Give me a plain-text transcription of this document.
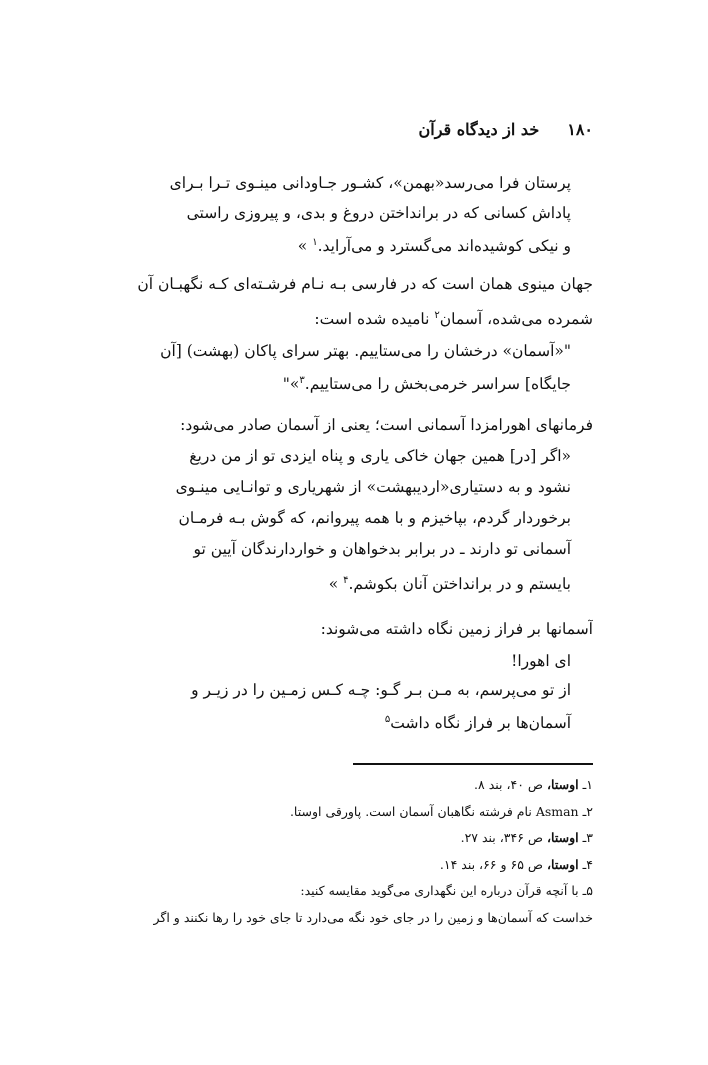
۱۸۰
خد از دیدگاه قرآن
پرستان فرا می‌رسد«بهمن»، کشـور جـاودانی مینـوی تـرا بـرای
پاداش کسانی که در برانداختن دروغ و بدی، و پیروزی راستی
و نیکی کوشیده‌اند می‌گسترد و می‌آراید.$^۱$ »
جهان مینوی همان است که در فارسی بـه نـام فرشـته‌ای کـه نگهبـان آن
شمرده می‌شده، آسمان$^۲$ نامیده شده است:
"«آسمان» درخشان را می‌ستاییم. بهتر سرای پاکان (بهشت) [آن
جایگاه] سراسر خرمی‌بخش را می‌ستاییم.$^۳$»"
فرمانهای اهورامزدا آسمانی است؛ یعنی از آسمان صادر می‌شود:
«اگر [در] همین جهان خاکی یاری و پناه ایزدی تو از من دریغ
نشود و به دستیاری«اردیبهشت» از شهریاری و توانـایی مینـوی
برخوردار گردم، بپاخیزم و با همه پیروانم، که گوش بـه فرمـان
آسمانی تو دارند ـ در برابر بدخواهان و خواردارندگان آیین تو
بایستم و در برانداختن آنان بکوشم.$^۴$ »
آسمانها بر فراز زمین نگاه داشته می‌شوند:
ای اهورا!
از تو می‌پرسم، به مـن بـر گـو: چـه کـس زمـین را در زیـر و
آسمان‌ها بر فراز نگاه داشت$^۵$
۱ـ اوستا، ص ۴۰، بند ۸.
۲ـ Asman نام فرشته نگاهبان آسمان است. پاورقی اوستا.
۳ـ اوستا، ص ۳۴۶، بند ۲۷.
۴ـ اوستا، ص ۶۵ و ۶۶، بند ۱۴.
۵ـ با آنچه قرآن درباره این نگهداری می‌گوید مقایسه کنید:
خداست که آسمان‌ها و زمین را در جای خود نگه می‌دارد تا جای خود را رها نکنند و اگر
